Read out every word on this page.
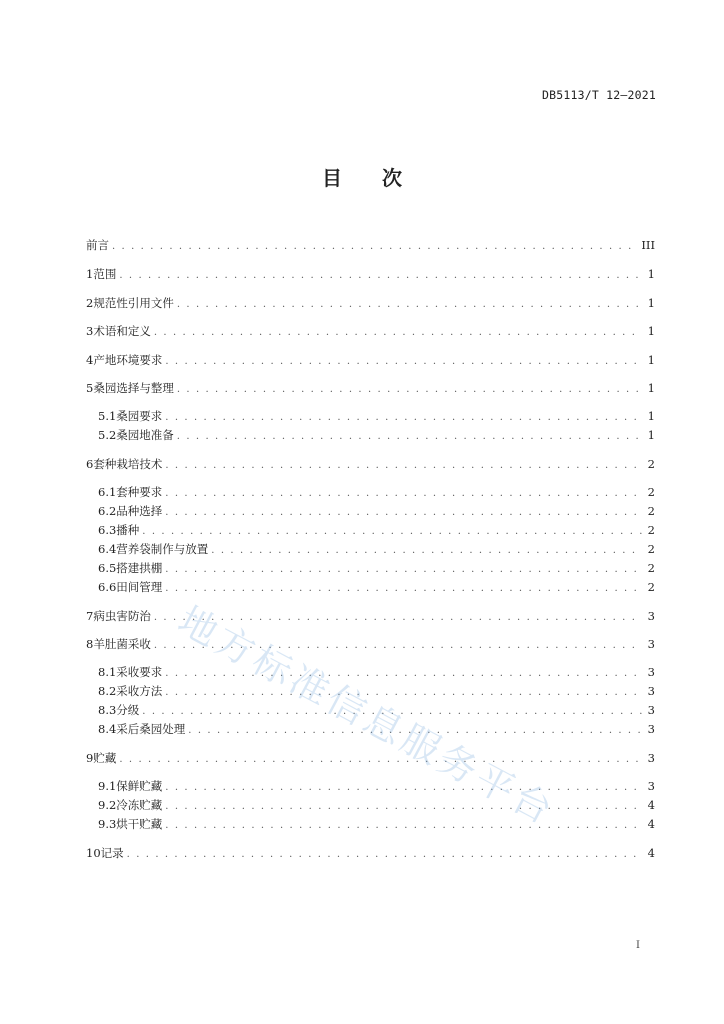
DB5113/T 12—2021
目 次
前言 . . .	III
1 范围 . . .	1
2 规范性引用文件 . . .	1
3 术语和定义 . . .	1
4 产地环境要求 . . .	1
5 桑园选择与整理 . . .	1
5.1 桑园要求 . . .	1
5.2 桑园地准备 . . .	1
6 套种栽培技术 . . .	2
6.1 套种要求 . . .	2
6.2 品种选择 . . .	2
6.3 播种 . . .	2
6.4 营养袋制作与放置 . . .	2
6.5 搭建拱棚 . . .	2
6.6 田间管理 . . .	2
7 病虫害防治 . . .	3
8 羊肚菌采收 . . .	3
8.1 采收要求 . . .	3
8.2 采收方法 . . .	3
8.3 分级 . . .	3
8.4 采后桑园处理 . . .	3
9 贮藏 . . .	3
9.1 保鲜贮藏 . . .	3
9.2 冷冻贮藏 . . .	4
9.3 烘干贮藏 . . .	4
10 记录 . . .	4
地方标准信息服务平台
I
